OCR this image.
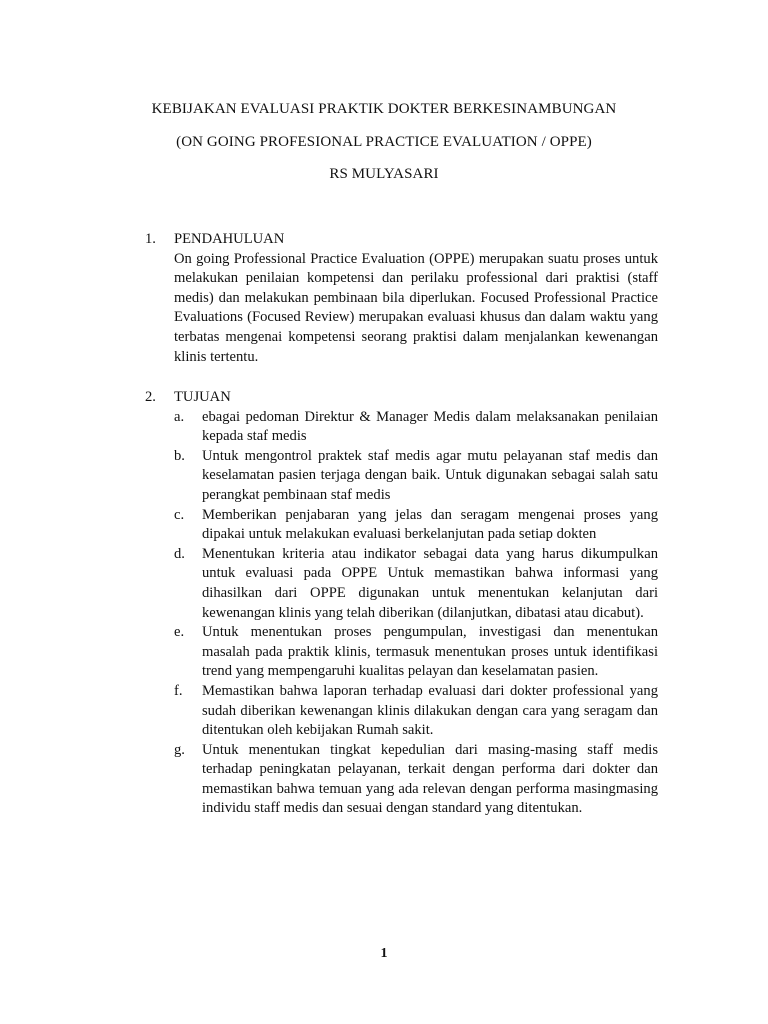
KEBIJAKAN EVALUASI PRAKTIK DOKTER BERKESINAMBUNGAN
(ON GOING PROFESIONAL PRACTICE EVALUATION / OPPE)
RS MULYASARI
1.	PENDAHULUAN
On going Professional Practice Evaluation (OPPE) merupakan suatu proses untuk melakukan penilaian kompetensi dan perilaku professional dari praktisi (staff medis) dan melakukan pembinaan bila diperlukan. Focused Professional Practice Evaluations (Focused Review) merupakan evaluasi khusus dan dalam waktu yang terbatas mengenai kompetensi seorang praktisi dalam menjalankan kewenangan klinis tertentu.
2.	TUJUAN
a.	ebagai pedoman Direktur & Manager Medis dalam melaksanakan penilaian kepada staf medis
b.	Untuk mengontrol praktek staf medis agar mutu pelayanan staf medis dan keselamatan pasien terjaga dengan baik. Untuk digunakan sebagai salah satu perangkat pembinaan staf medis
c.	Memberikan penjabaran yang jelas dan seragam mengenai proses yang dipakai untuk melakukan evaluasi berkelanjutan pada setiap dokten
d.	Menentukan kriteria atau indikator sebagai data yang harus dikumpulkan untuk evaluasi pada OPPE Untuk memastikan bahwa informasi yang dihasilkan dari OPPE digunakan untuk menentukan kelanjutan dari kewenangan klinis yang telah diberikan (dilanjutkan, dibatasi atau dicabut).
e.	Untuk menentukan proses pengumpulan, investigasi dan menentukan masalah pada praktik klinis, termasuk menentukan proses untuk identifikasi trend yang mempengaruhi kualitas pelayan dan keselamatan pasien.
f.	Memastikan bahwa laporan terhadap evaluasi dari dokter professional yang sudah diberikan kewenangan klinis dilakukan dengan cara yang seragam dan ditentukan oleh kebijakan Rumah sakit.
g.	Untuk menentukan tingkat kepedulian dari masing-masing staff medis terhadap peningkatan pelayanan, terkait dengan performa dari dokter dan memastikan bahwa temuan yang ada relevan dengan performa masingmasing individu staff medis dan sesuai dengan standard yang ditentukan.
1
